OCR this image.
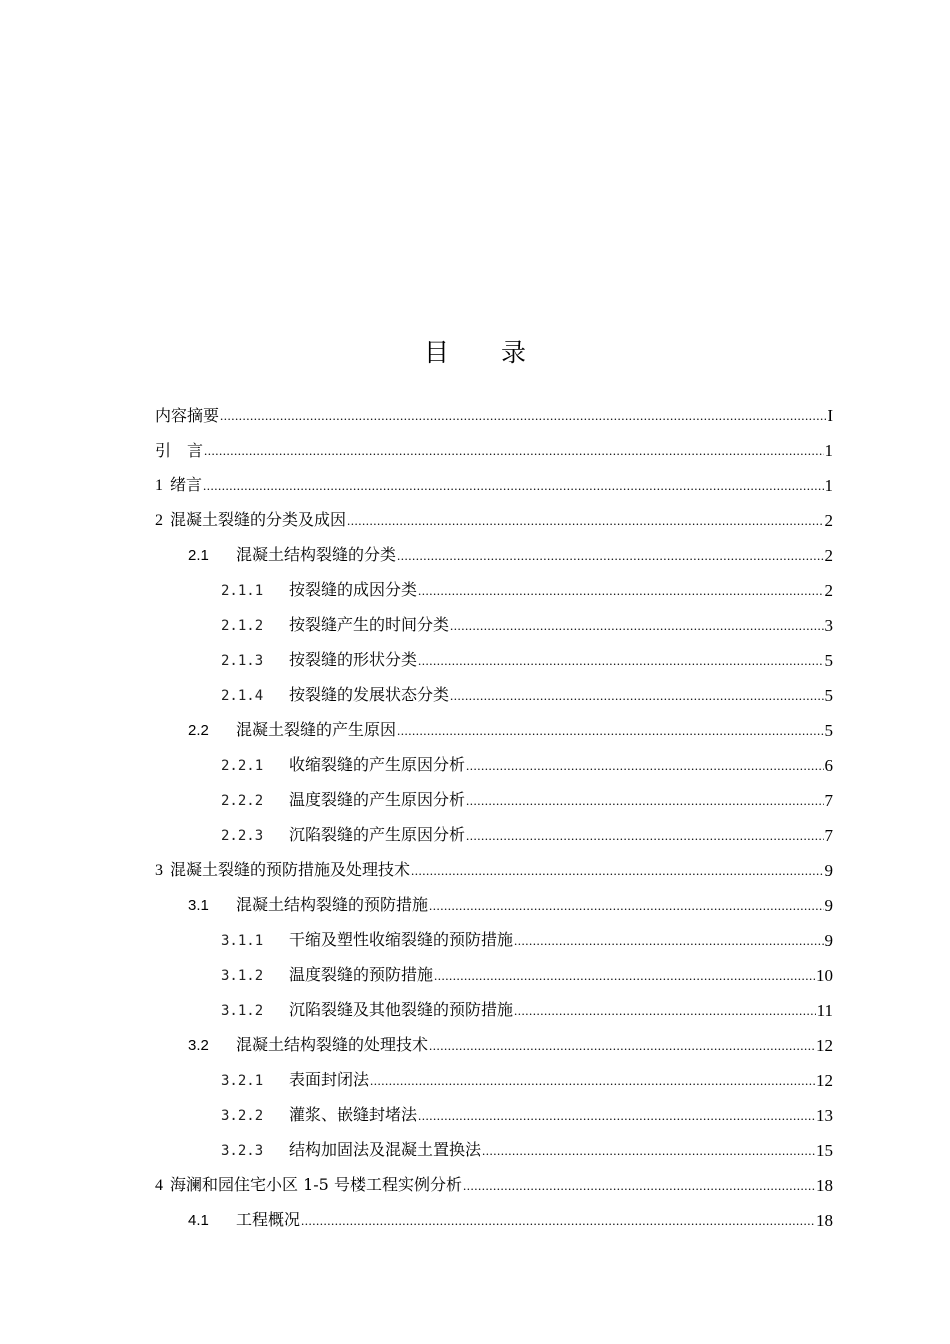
目 录
内容摘要 .....	I
引　言 .....	1
1 绪言 .....	1
2 混凝土裂缝的分类及成因 .....	2
2.1	混凝土结构裂缝的分类 .....	2
2.1.1	按裂缝的成因分类 .....	2
2.1.2	按裂缝产生的时间分类 .....	3
2.1.3	按裂缝的形状分类 .....	5
2.1.4	按裂缝的发展状态分类 .....	5
2.2	混凝土裂缝的产生原因 .....	5
2.2.1	收缩裂缝的产生原因分析 .....	6
2.2.2	温度裂缝的产生原因分析 .....	7
2.2.3	沉陷裂缝的产生原因分析 .....	7
3 混凝土裂缝的预防措施及处理技术 .....	9
3.1	混凝土结构裂缝的预防措施 .....	9
3.1.1	干缩及塑性收缩裂缝的预防措施 .....	9
3.1.2	温度裂缝的预防措施 .....	10
3.1.2	沉陷裂缝及其他裂缝的预防措施 .....	11
3.2	混凝土结构裂缝的处理技术 .....	12
3.2.1	表面封闭法 .....	12
3.2.2	灌浆、嵌缝封堵法 .....	13
3.2.3	结构加固法及混凝土置换法 .....	15
4 海澜和园住宅小区 1-5 号楼工程实例分析 .....	18
4.1	工程概况 .....	18
